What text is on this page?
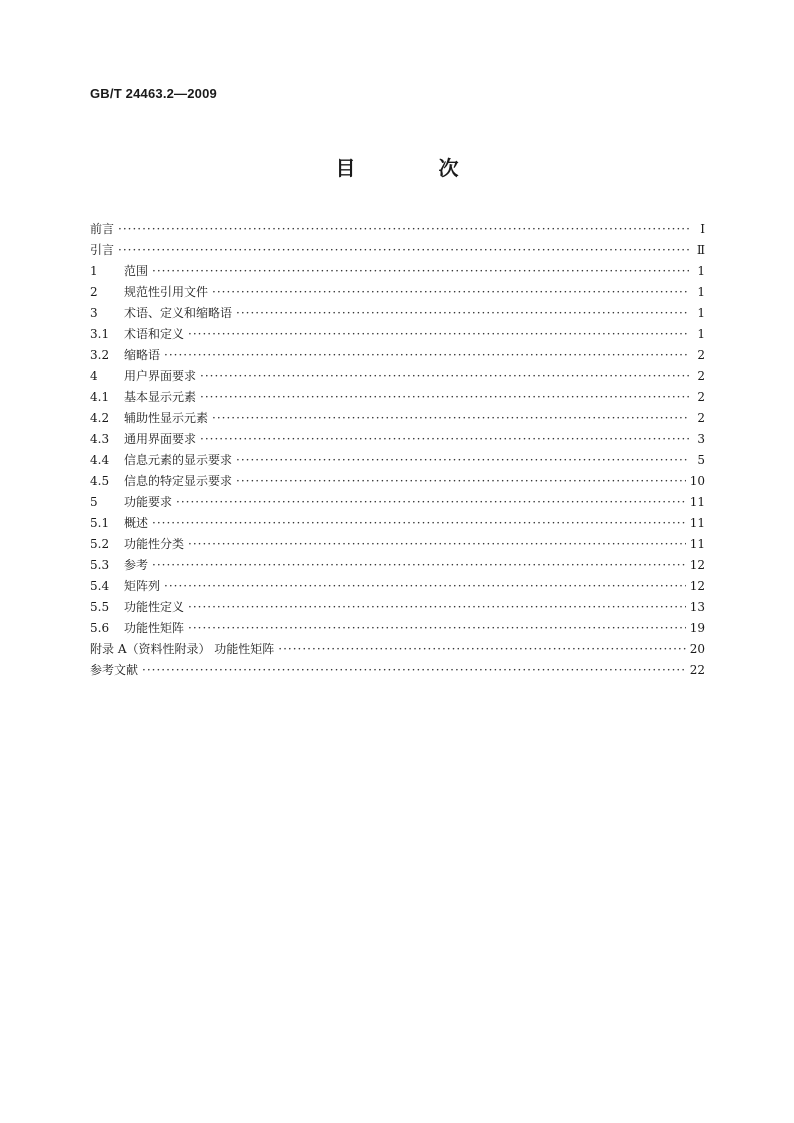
GB/T 24463.2—2009
目 次
前言 ·····	Ⅰ
引言 ·····	Ⅱ
1	范围 ·····	1
2	规范性引用文件 ·····	1
3	术语、定义和缩略语 ·····	1
3.1	术语和定义 ·····	1
3.2	缩略语 ·····	2
4	用户界面要求 ·····	2
4.1	基本显示元素 ·····	2
4.2	辅助性显示元素 ·····	2
4.3	通用界面要求 ·····	3
4.4	信息元素的显示要求 ·····	5
4.5	信息的特定显示要求 ·····	10
5	功能要求 ·····	11
5.1	概述 ·····	11
5.2	功能性分类 ·····	11
5.3	参考 ·····	12
5.4	矩阵列 ·····	12
5.5	功能性定义 ·····	13
5.6	功能性矩阵 ·····	19
附录 A（资料性附录） 功能性矩阵 ·····	20
参考文献 ·····	22
